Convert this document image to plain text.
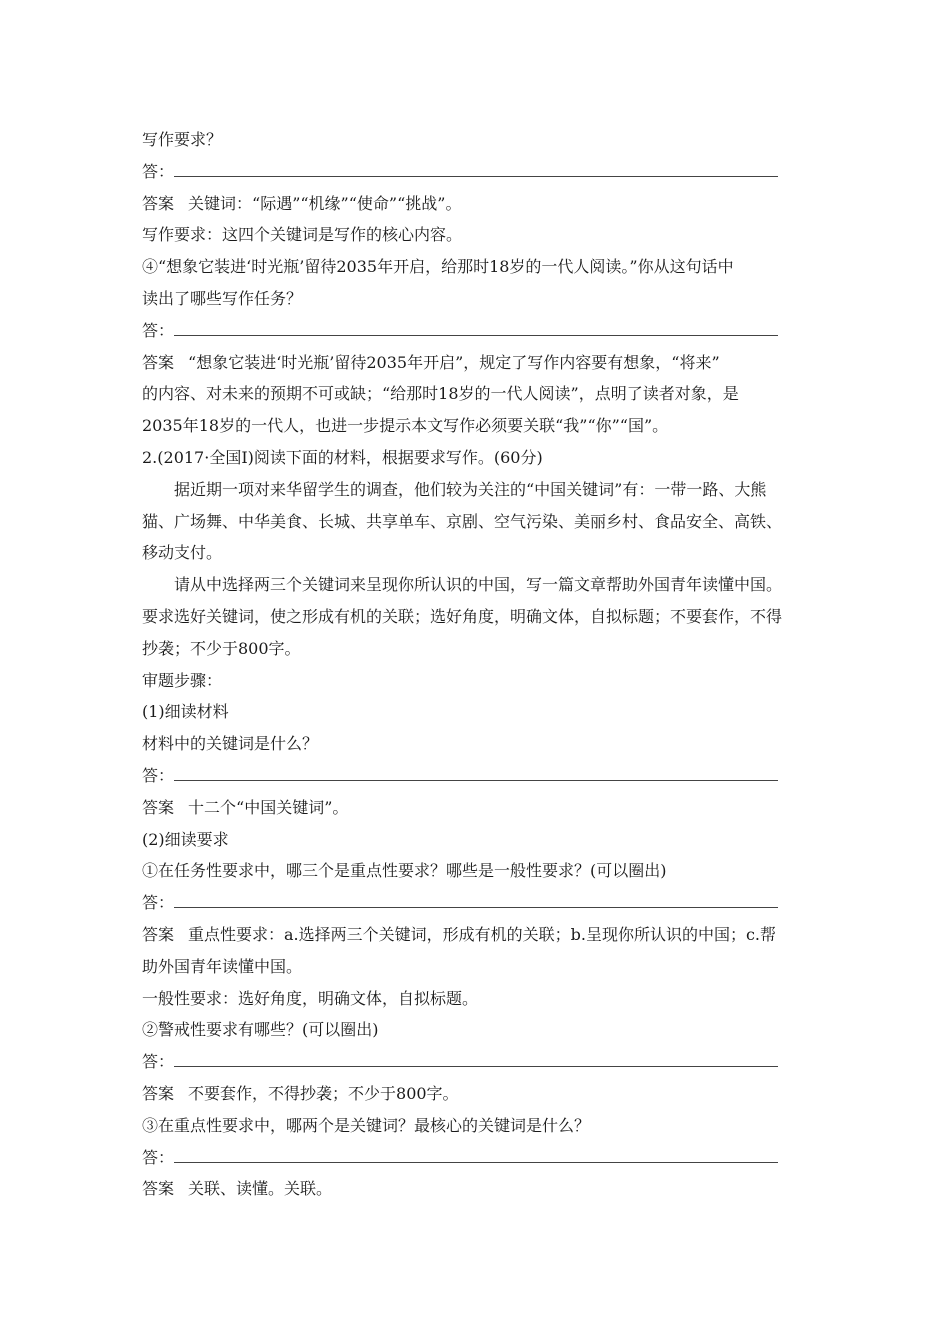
写作要求？
答：
答案 关键词：“际遇”“机缘”“使命”“挑战”。
写作要求：这四个关键词是写作的核心内容。
④“想象它装进‘时光瓶’留待2035年开启，给那时18岁的一代人阅读。”你从这句话中
读出了哪些写作任务？
答：
答案 “想象它装进‘时光瓶’留待2035年开启”，规定了写作内容要有想象，“将来”
的内容、对未来的预期不可或缺；“给那时18岁的一代人阅读”，点明了读者对象，是
2035年18岁的一代人，也进一步提示本文写作必须要关联“我”“你”“国”。
2.(2017·全国Ⅰ)阅读下面的材料，根据要求写作。(60分)
据近期一项对来华留学生的调查，他们较为关注的“中国关键词”有：一带一路、大熊
猫、广场舞、中华美食、长城、共享单车、京剧、空气污染、美丽乡村、食品安全、高铁、
移动支付。
请从中选择两三个关键词来呈现你所认识的中国，写一篇文章帮助外国青年读懂中国。
要求选好关键词，使之形成有机的关联；选好角度，明确文体，自拟标题；不要套作，不得
抄袭；不少于800字。
审题步骤：
(1)细读材料
材料中的关键词是什么？
答：
答案 十二个“中国关键词”。
(2)细读要求
①在任务性要求中，哪三个是重点性要求？哪些是一般性要求？(可以圈出)
答：
答案 重点性要求：a.选择两三个关键词，形成有机的关联；b.呈现你所认识的中国；c.帮
助外国青年读懂中国。
一般性要求：选好角度，明确文体，自拟标题。
②警戒性要求有哪些？(可以圈出)
答：
答案 不要套作，不得抄袭；不少于800字。
③在重点性要求中，哪两个是关键词？最核心的关键词是什么？
答：
答案 关联、读懂。关联。
